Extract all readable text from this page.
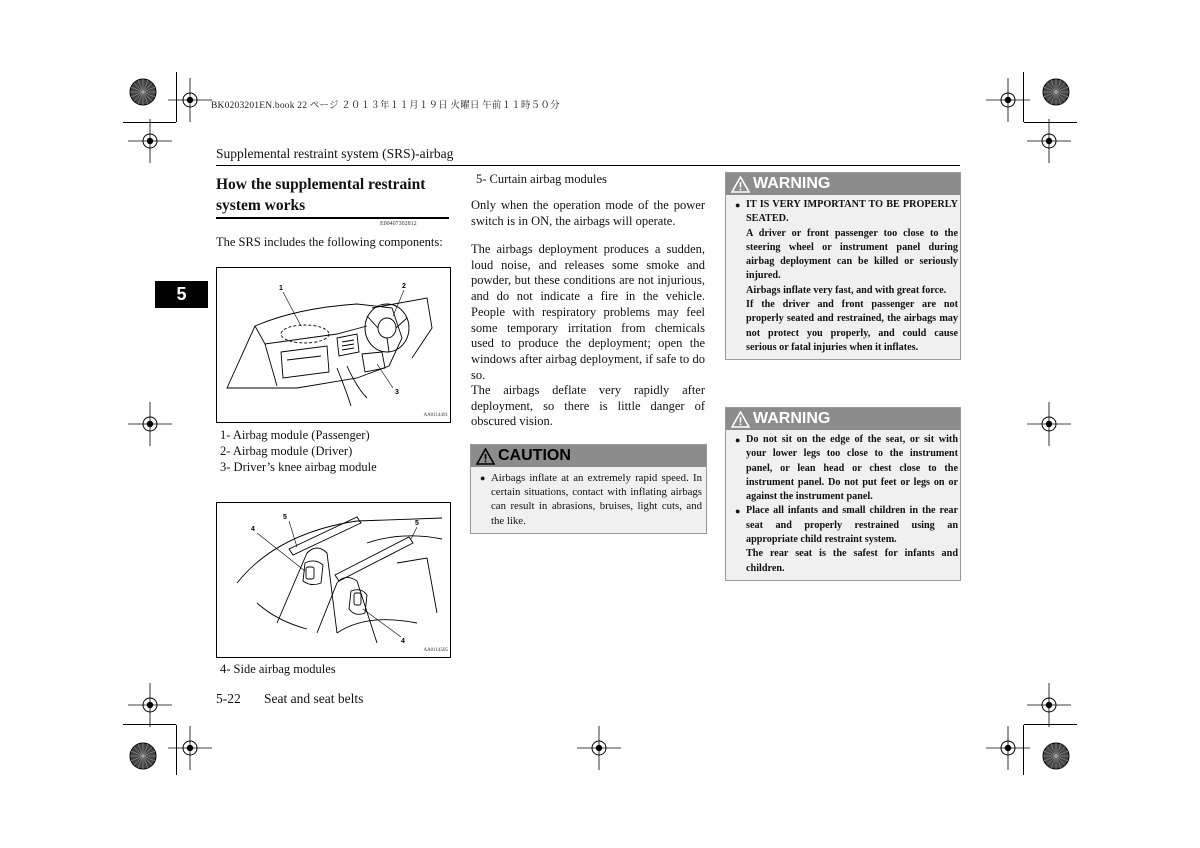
BK0203201EN.book 22 ページ ２０１３年１１月１９日 火曜日 午前１１時５０分
Supplemental restraint system (SRS)-airbag
5
How the supplemental restraint system works
E00407302812
The SRS includes the following components:
1	2
3
AA0114491
1- Airbag module (Passenger)
2- Airbag module (Driver)
3- Driver’s knee airbag module
4
5
5
4
AA0114505
4- Side airbag modules
5- Curtain airbag modules
Only when the operation mode of the power switch is in ON, the airbags will operate.
The airbags deployment produces a sudden, loud noise, and releases some smoke and powder, but these conditions are not injurious, and do not indicate a fire in the vehicle. People with respiratory problems may feel some temporary irritation from chemicals used to produce the deployment; open the windows after airbag deployment, if safe to do so.
The airbags deflate very rapidly after deployment, so there is little danger of obscured vision.
CAUTION
● Airbags inflate at an extremely rapid speed. In certain situations, contact with inflating airbags can result in abrasions, bruises, light cuts, and the like.
WARNING
● IT IS VERY IMPORTANT TO BE PROPERLY SEATED.
A driver or front passenger too close to the steering wheel or instrument panel during airbag deployment can be killed or seriously injured.
Airbags inflate very fast, and with great force.
If the driver and front passenger are not properly seated and restrained, the airbags may not protect you properly, and could cause serious or fatal injuries when it inflates.
WARNING
● Do not sit on the edge of the seat, or sit with your lower legs too close to the instrument panel, or lean head or chest close to the instrument panel. Do not put feet or legs on or against the instrument panel.
● Place all infants and small children in the rear seat and properly restrained using an appropriate child restraint system.
The rear seat is the safest for infants and children.
5-22 Seat and seat belts
